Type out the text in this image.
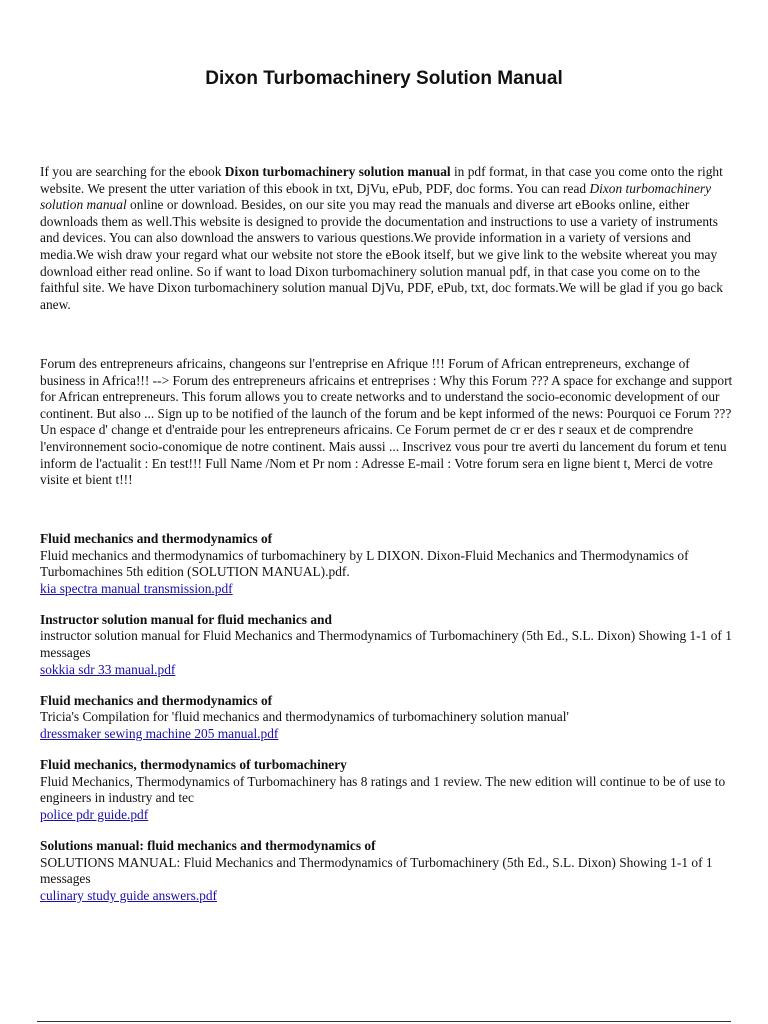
Dixon Turbomachinery Solution Manual
If you are searching for the ebook Dixon turbomachinery solution manual in pdf format, in that case you come onto the right website. We present the utter variation of this ebook in txt, DjVu, ePub, PDF, doc forms. You can read Dixon turbomachinery solution manual online or download. Besides, on our site you may read the manuals and diverse art eBooks online, either downloads them as well.This website is designed to provide the documentation and instructions to use a variety of instruments and devices. You can also download the answers to various questions.We provide information in a variety of versions and media.We wish draw your regard what our website not store the eBook itself, but we give link to the website whereat you may download either read online. So if want to load Dixon turbomachinery solution manual pdf, in that case you come on to the faithful site. We have Dixon turbomachinery solution manual DjVu, PDF, ePub, txt, doc formats.We will be glad if you go back anew.
Forum des entrepreneurs africains, changeons sur l'entreprise en Afrique !!! Forum of African entrepreneurs, exchange of business in Africa!!! --> Forum des entrepreneurs africains et entreprises : Why this Forum ??? A space for exchange and support for African entrepreneurs. This forum allows you to create networks and to understand the socio-economic development of our continent. But also ... Sign up to be notified of the launch of the forum and be kept informed of the news: Pourquoi ce Forum ??? Un espace d' change et d'entraide pour les entrepreneurs africains. Ce Forum permet de cr er des r seaux et de comprendre l'environnement socio-conomique de notre continent. Mais aussi ... Inscrivez vous pour tre averti du lancement du forum et tenu inform de l'actualit : En test!!! Full Name /Nom et Pr nom : Adresse E-mail : Votre forum sera en ligne bient t, Merci de votre visite et bient t!!!
Fluid mechanics and thermodynamics of
Fluid mechanics and thermodynamics of turbomachinery by L DIXON. Dixon-Fluid Mechanics and Thermodynamics of Turbomachines 5th edition (SOLUTION MANUAL).pdf.
kia spectra manual transmission.pdf
Instructor solution manual for fluid mechanics and
instructor solution manual for Fluid Mechanics and Thermodynamics of Turbomachinery (5th Ed., S.L. Dixon) Showing 1-1 of 1 messages
sokkia sdr 33 manual.pdf
Fluid mechanics and thermodynamics of
Tricia's Compilation for 'fluid mechanics and thermodynamics of turbomachinery solution manual'
dressmaker sewing machine 205 manual.pdf
Fluid mechanics, thermodynamics of turbomachinery
Fluid Mechanics, Thermodynamics of Turbomachinery has 8 ratings and 1 review. The new edition will continue to be of use to engineers in industry and tec
police pdr guide.pdf
Solutions manual: fluid mechanics and thermodynamics of
SOLUTIONS MANUAL: Fluid Mechanics and Thermodynamics of Turbomachinery (5th Ed., S.L. Dixon) Showing 1-1 of 1 messages
culinary study guide answers.pdf
